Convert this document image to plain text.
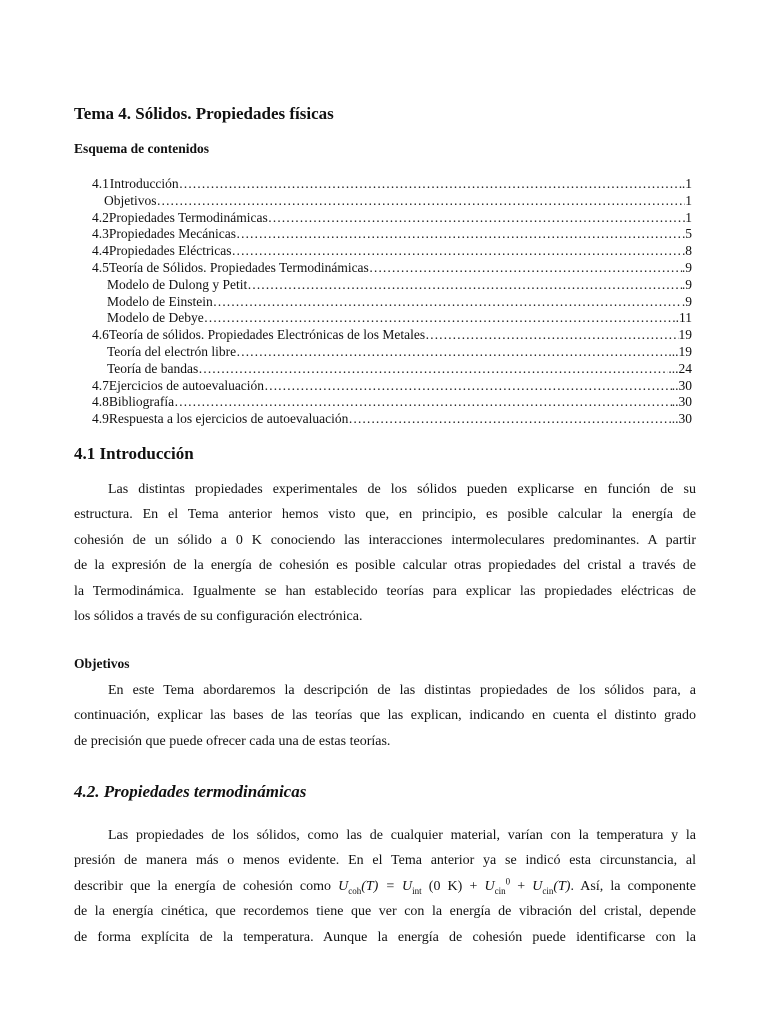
Tema 4. Sólidos. Propiedades físicas
Esquema de contenidos
4.1 Introducción ……………………………………………………………………………………………………………………………………………………………………………………………………………………	.1
Objetivos ……………………………………………………………………………………………………………………………………………………………………………………………………………………	1
4.2 Propiedades Termodinámicas ……………………………………………………………………………………………………………………………………………………………………………………………………………………	1
4.3 Propiedades Mecánicas ……………………………………………………………………………………………………………………………………………………………………………………………………………………	5
4.4 Propiedades Eléctricas ……………………………………………………………………………………………………………………………………………………………………………………………………………………	8
4.5 Teoría de Sólidos. Propiedades Termodinámicas ……………………………………………………………………………………………………………………………………………………………………………………………………………………	.9
Modelo de Dulong y Petit ……………………………………………………………………………………………………………………………………………………………………………………………………………………	.9
Modelo de Einstein ……………………………………………………………………………………………………………………………………………………………………………………………………………………	.9
Modelo de Debye ……………………………………………………………………………………………………………………………………………………………………………………………………………………	..11
4.6 Teoría de sólidos. Propiedades Electrónicas de los Metales ……………………………………………………………………………………………………………………………………………………………………………………………………………………	19
Teoría del electrón libre ……………………………………………………………………………………………………………………………………………………………………………………………………………………	...19
Teoría de bandas ……………………………………………………………………………………………………………………………………………………………………………………………………………………	...24
4.7 Ejercicios de autoevaluación ……………………………………………………………………………………………………………………………………………………………………………………………………………………	..30
4.8 Bibliografía ……………………………………………………………………………………………………………………………………………………………………………………………………………………	..30
4.9 Respuesta a los ejercicios de autoevaluación ……………………………………………………………………………………………………………………………………………………………………………………………………………………	..30
4.1 Introducción
Las distintas propiedades experimentales de los sólidos pueden explicarse en función de su
estructura. En el Tema anterior hemos visto que, en principio, es posible calcular la energía de
cohesión de un sólido a 0 K conociendo las interacciones intermoleculares predominantes. A partir
de la expresión de la energía de cohesión es posible calcular otras propiedades del cristal a través de
la Termodinámica. Igualmente se han establecido teorías para explicar las propiedades eléctricas de
los sólidos a través de su configuración electrónica.
Objetivos
En este Tema abordaremos la descripción de las distintas propiedades de los sólidos para, a
continuación, explicar las bases de las teorías que las explican, indicando en cuenta el distinto grado
de precisión que puede ofrecer cada una de estas teorías.
4.2. Propiedades termodinámicas
Las propiedades de los sólidos, como las de cualquier material, varían con la temperatura y la
presión de manera más o menos evidente. En el Tema anterior ya se indicó esta circunstancia, al
describir que la energía de cohesión como $U_{coh}(T) = U_{int}$ (0 $K) + U_{cin}^0 + U_{cin}(T)$. Así, la componente
de la energía cinética, que recordemos tiene que ver con la energía de vibración del cristal, depende
de forma explícita de la temperatura. Aunque la energía de cohesión puede identificarse con la
